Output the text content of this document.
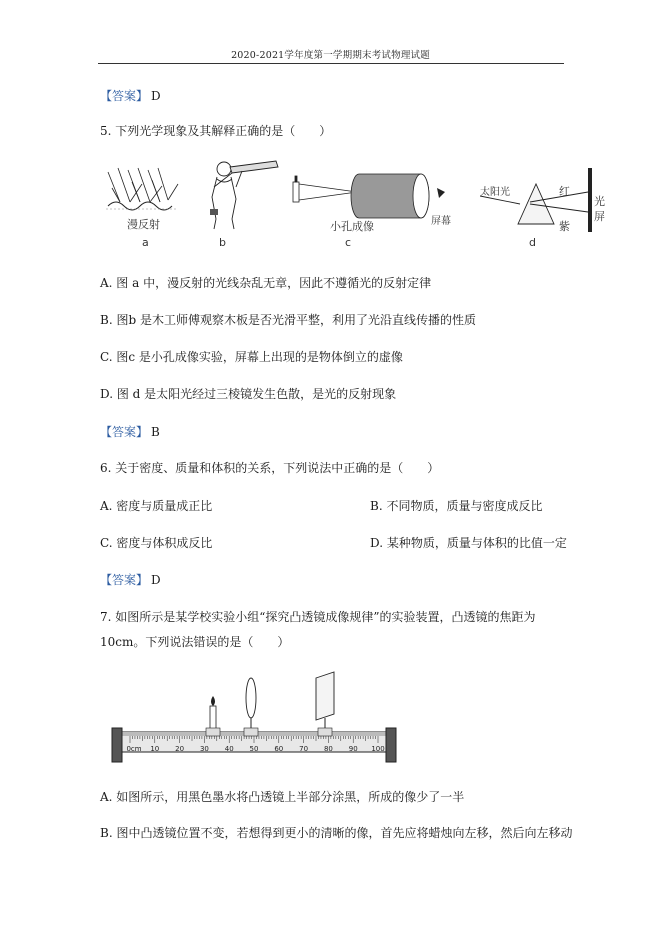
2020-2021学年度第一学期期末考试物理试题
【答案】 D
5. 下列光学现象及其解释正确的是（　　）
漫反射
a	b
小孔成像	屏幕
c
太阳光	红
紫
光
屏
d
A. 图 a 中，漫反射的光线杂乱无章，因此不遵循光的反射定律
B. 图b 是木工师傅观察木板是否光滑平整，利用了光沿直线传播的性质
C. 图c 是小孔成像实验，屏幕上出现的是物体倒立的虚像
D. 图 d 是太阳光经过三棱镜发生色散，是光的反射现象
【答案】 B
6. 关于密度、质量和体积的关系，下列说法中正确的是（　　）
A. 密度与质量成正比	B. 不同物质，质量与密度成反比
C. 密度与体积成反比	D. 某种物质，质量与体积的比值一定
【答案】 D
7. 如图所示是某学校实验小组“探究凸透镜成像规律”的实验装置，凸透镜的焦距为
10cm。下列说法错误的是（　　）
0cm 10 20 30 40 50 60 70 80 90 100
A. 如图所示，用黑色墨水将凸透镜上半部分涂黑，所成的像少了一半
B. 图中凸透镜位置不变，若想得到更小的清晰的像，首先应将蜡烛向左移，然后向左移动
